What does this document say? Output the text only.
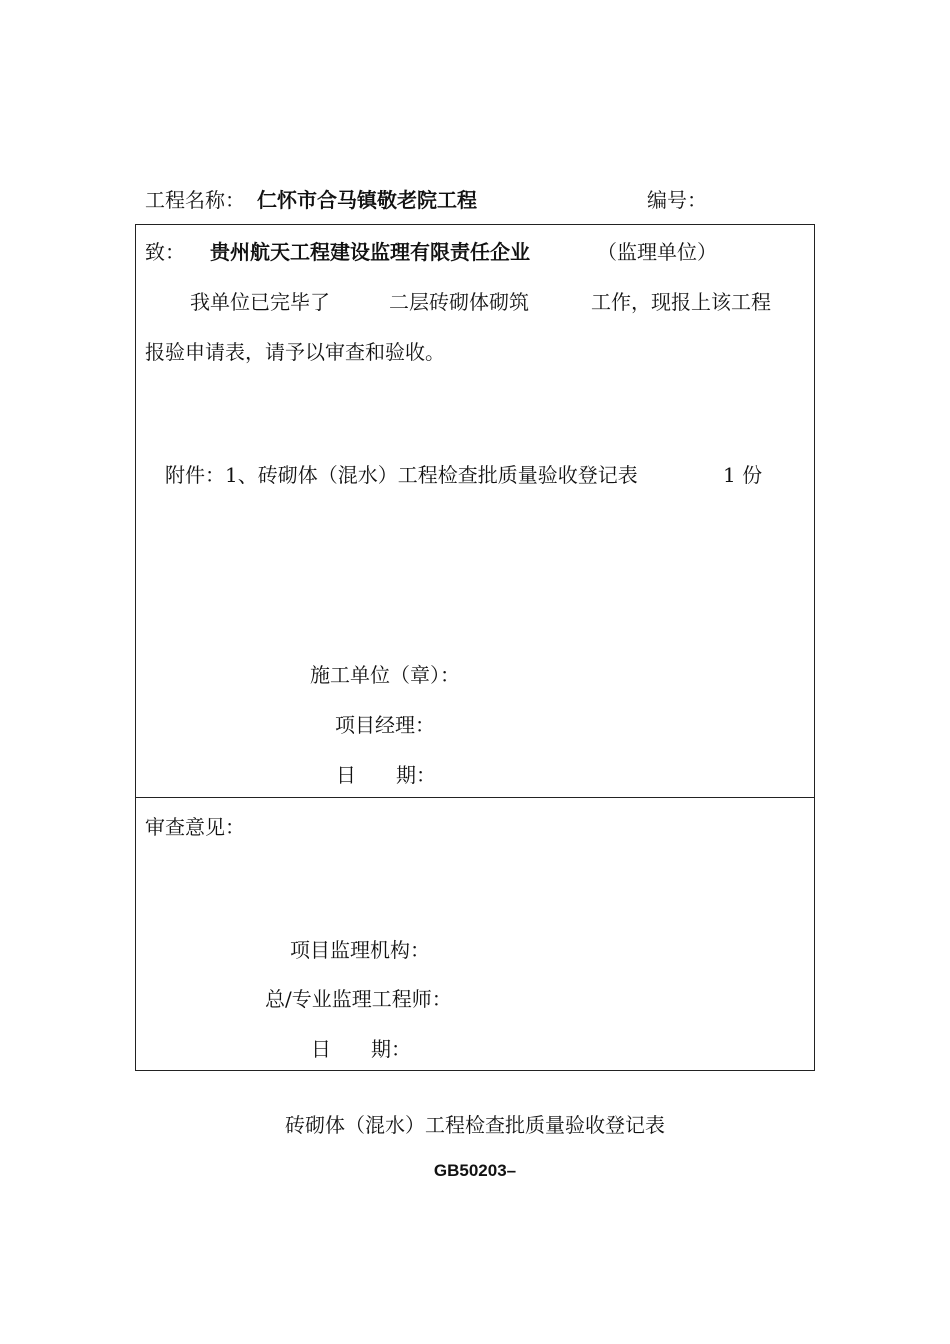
工程名称： 仁怀市合马镇敬老院工程	编号：
致： 贵州航天工程建设监理有限责任企业	（监理单位）
我单位已完毕了	二层砖砌体砌筑	工作，现报上该工程
报验申请表，请予以审查和验收。
附件：1、砖砌体（混水）工程检查批质量验收登记表	1 份
施工单位（章）：
项目经理：
日　　期：
审查意见：
项目监理机构：
总/专业监理工程师：
日　　期：
砖砌体（混水）工程检查批质量验收登记表
GB50203–
